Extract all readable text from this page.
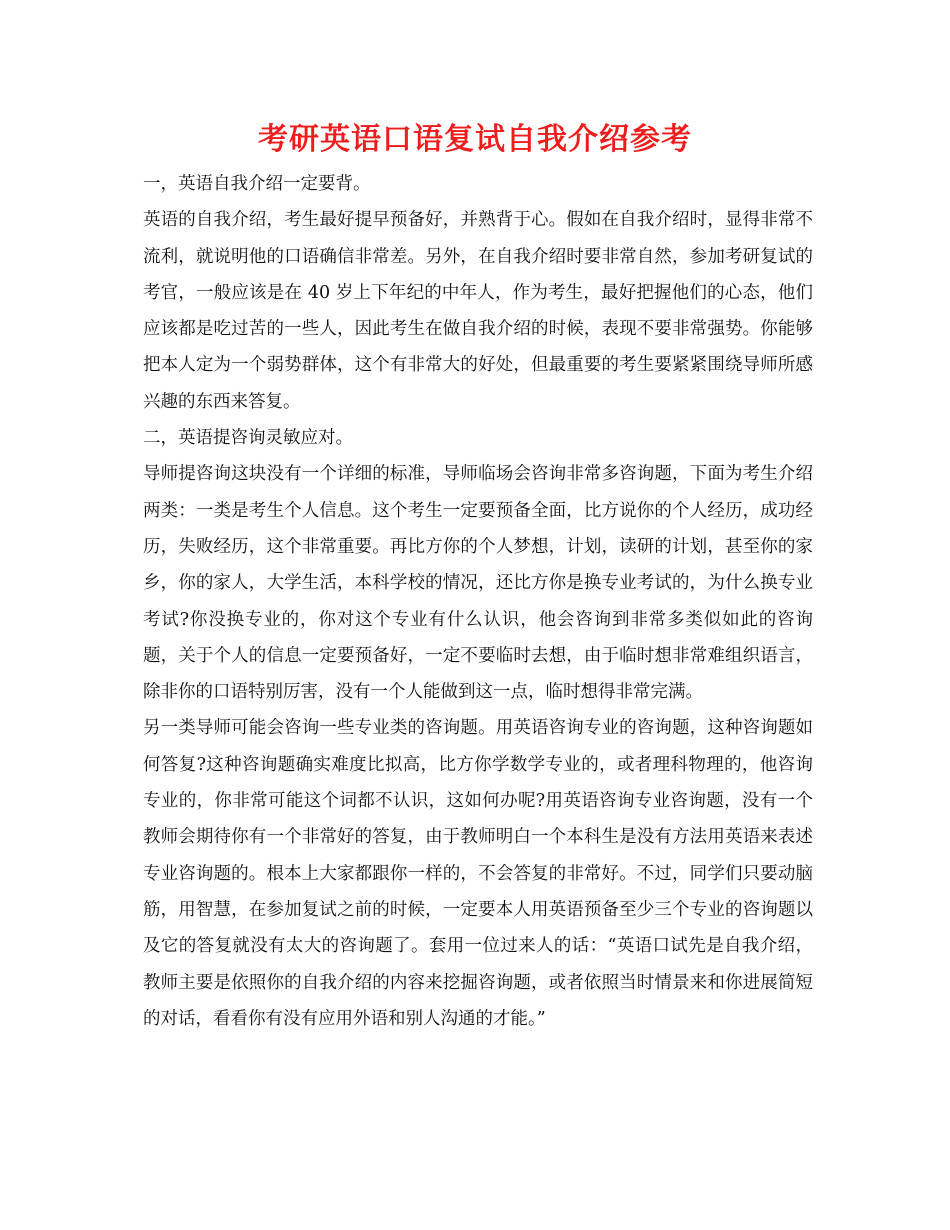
考研英语口语复试自我介绍参考

一，英语自我介绍一定要背。

英语的自我介绍，考生最好提早预备好，并熟背于心。假如在自我介绍时，显得非常不流利，就说明他的口语确信非常差。另外，在自我介绍时要非常自然，参加考研复试的考官，一般应该是在 40 岁上下年纪的中年人，作为考生，最好把握他们的心态，他们应该都是吃过苦的一些人，因此考生在做自我介绍的时候，表现不要非常强势。你能够把本人定为一个弱势群体，这个有非常大的好处，但最重要的考生要紧紧围绕导师所感兴趣的东西来答复。

二，英语提咨询灵敏应对。

导师提咨询这块没有一个详细的标准，导师临场会咨询非常多咨询题，下面为考生介绍两类：一类是考生个人信息。这个考生一定要预备全面，比方说你的个人经历，成功经历，失败经历，这个非常重要。再比方你的个人梦想，计划，读研的计划，甚至你的家乡，你的家人，大学生活，本科学校的情况，还比方你是换专业考试的，为什么换专业考试?你没换专业的，你对这个专业有什么认识，他会咨询到非常多类似如此的咨询题，关于个人的信息一定要预备好，一定不要临时去想，由于临时想非常难组织语言，除非你的口语特别厉害，没有一个人能做到这一点，临时想得非常完满。

另一类导师可能会咨询一些专业类的咨询题。用英语咨询专业的咨询题，这种咨询题如何答复?这种咨询题确实难度比拟高，比方你学数学专业的，或者理科物理的，他咨询专业的，你非常可能这个词都不认识，这如何办呢?用英语咨询专业咨询题，没有一个教师会期待你有一个非常好的答复，由于教师明白一个本科生是没有方法用英语来表述专业咨询题的。根本上大家都跟你一样的，不会答复的非常好。不过，同学们只要动脑筋，用智慧，在参加复试之前的时候，一定要本人用英语预备至少三个专业的咨询题以及它的答复就没有太大的咨询题了。套用一位过来人的话：“英语口试先是自我介绍，教师主要是依照你的自我介绍的内容来挖掘咨询题，或者依照当时情景来和你进展简短的对话，看看你有没有应用外语和别人沟通的才能。”
